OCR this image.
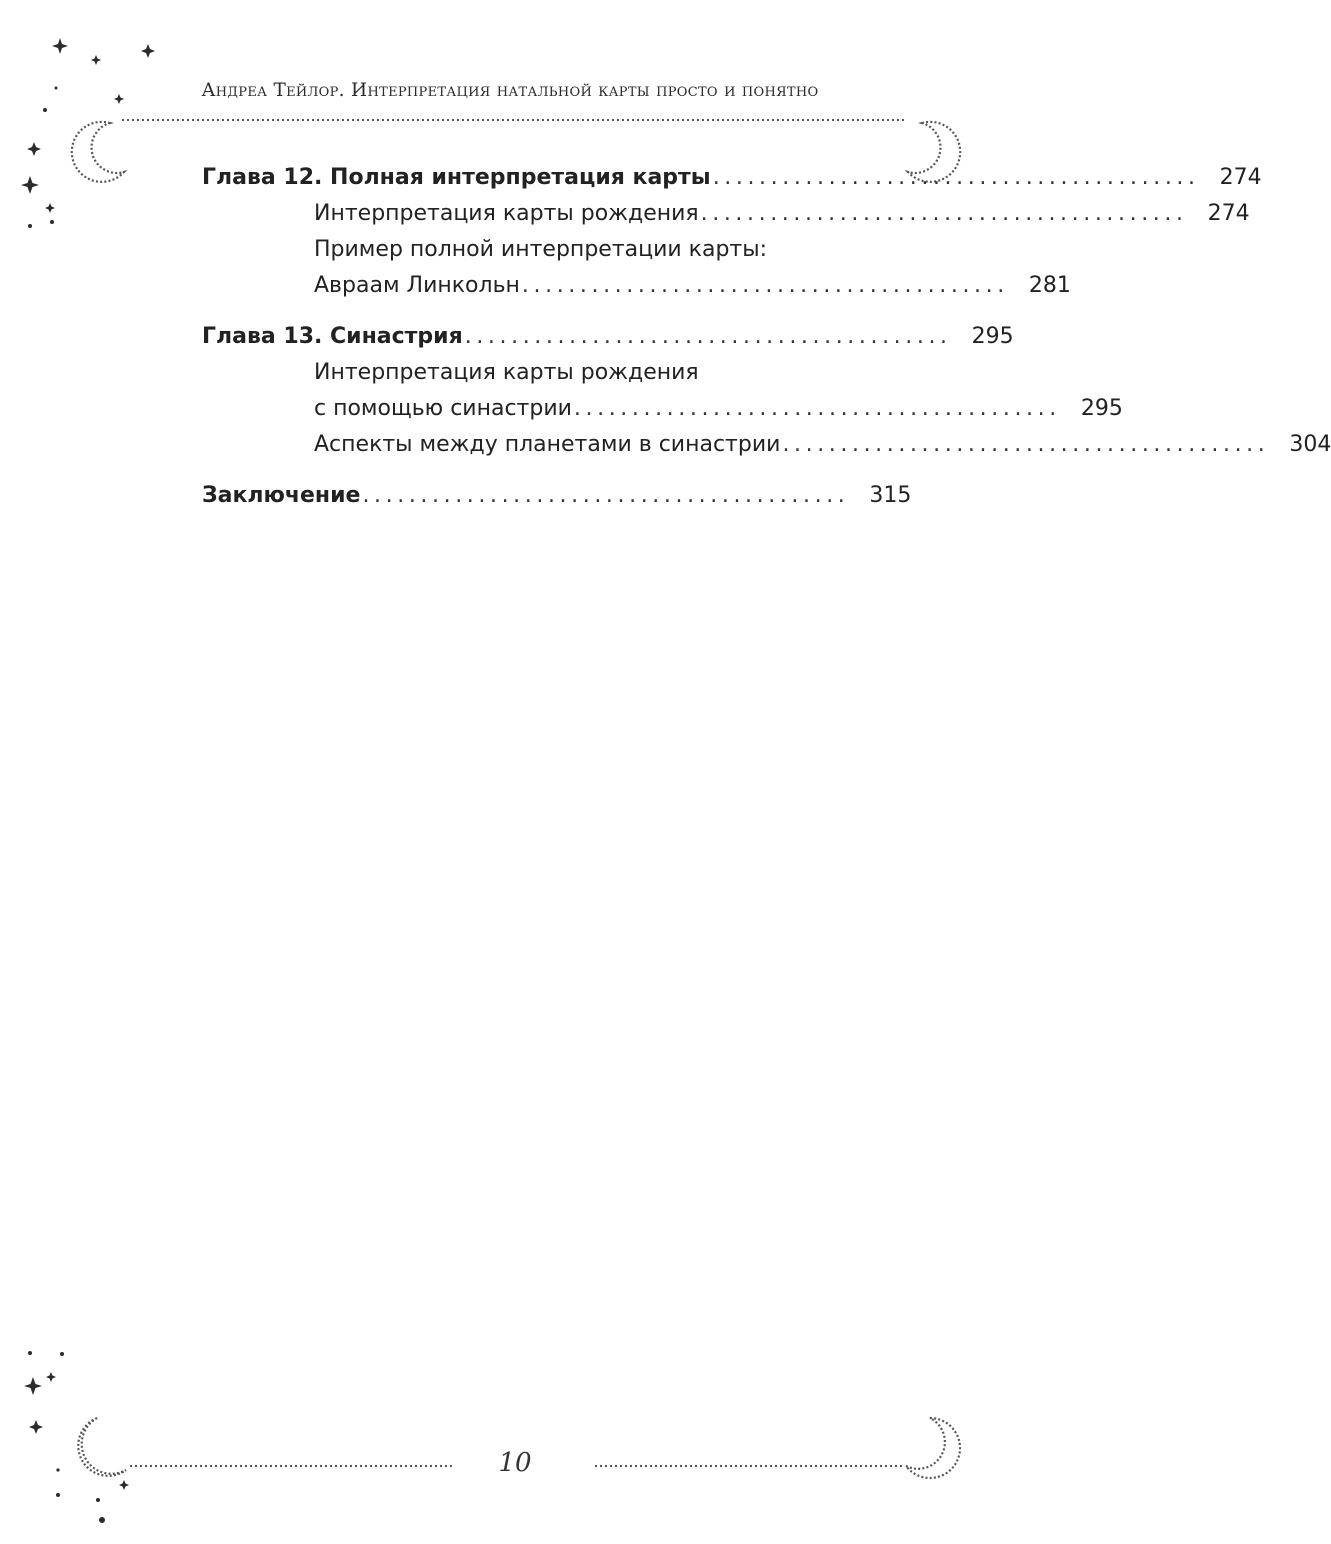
Андреа Тейлор. Интерпретация натальной карты просто и понятно
Глава 12. Полная интерпретация карты .......................................... 274
Интерпретация карты рождения .......................................... 274
Пример полной интерпретации карты:
Авраам Линкольн .......................................... 281
Глава 13. Синастрия .......................................... 295
Интерпретация карты рождения
с помощью синастрии .......................................... 295
Аспекты между планетами в синастрии .......................................... 304
Заключение .......................................... 315
10
